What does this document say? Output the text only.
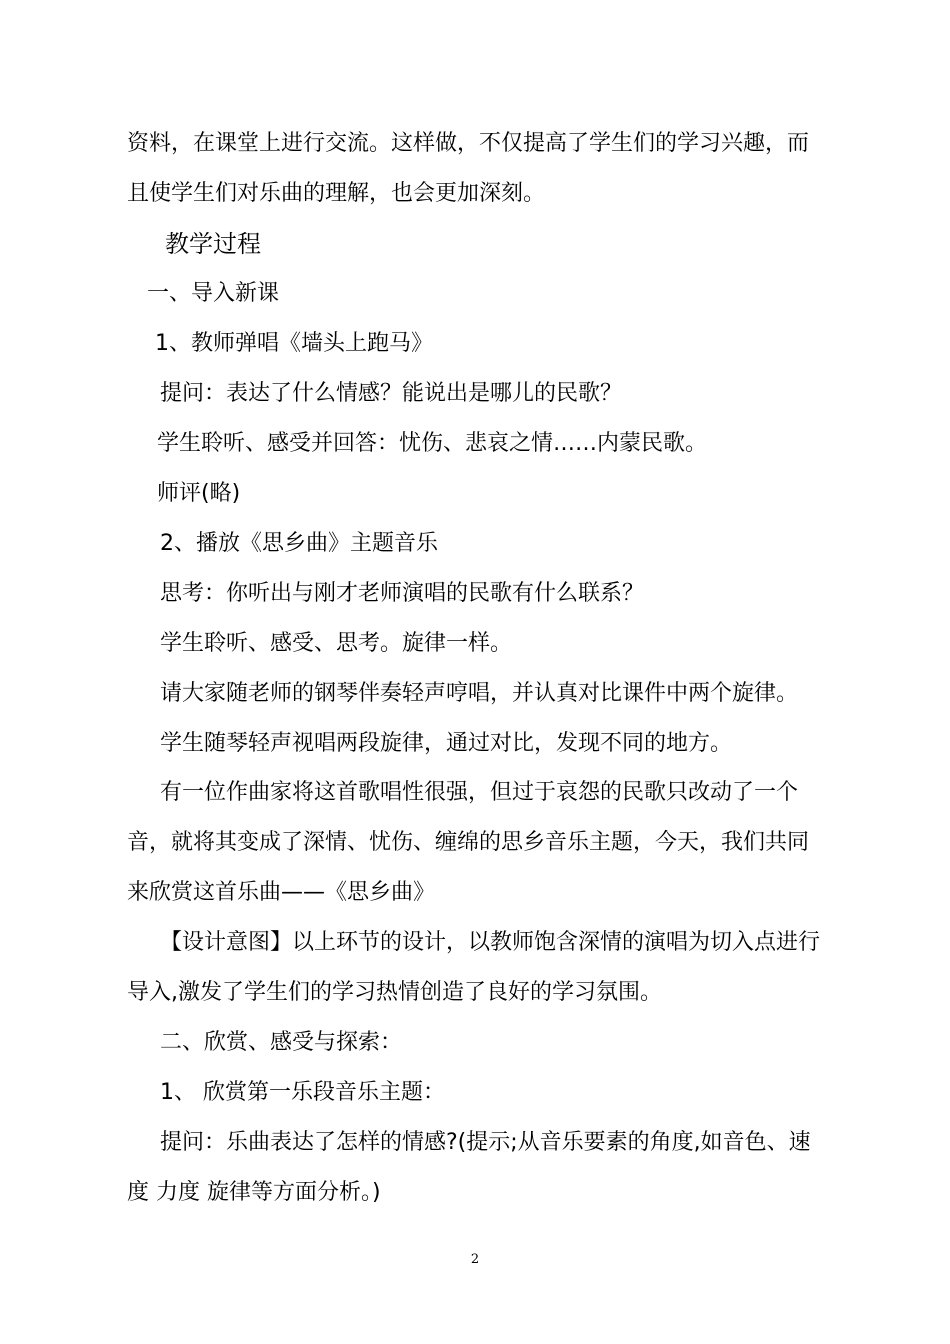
资料，在课堂上进行交流。这样做，不仅提高了学生们的学习兴趣，而
且使学生们对乐曲的理解，也会更加深刻。
教学过程
一、导入新课
1、教师弹唱《墙头上跑马》
提问：表达了什么情感？能说出是哪儿的民歌？
学生聆听、感受并回答：忧伤、悲哀之情……内蒙民歌。
师评(略)
2、播放《思乡曲》主题音乐
思考：你听出与刚才老师演唱的民歌有什么联系？
学生聆听、感受、思考。旋律一样。
请大家随老师的钢琴伴奏轻声哼唱，并认真对比课件中两个旋律。
学生随琴轻声视唱两段旋律，通过对比，发现不同的地方。
有一位作曲家将这首歌唱性很强，但过于哀怨的民歌只改动了一个
音，就将其变成了深情、忧伤、缠绵的思乡音乐主题，今天，我们共同
来欣赏这首乐曲——《思乡曲》
【设计意图】以上环节的设计，以教师饱含深情的演唱为切入点进行
导入,激发了学生们的学习热情创造了良好的学习氛围。
二、欣赏、感受与探索：
1、 欣赏第一乐段音乐主题：
提问：乐曲表达了怎样的情感?(提示;从音乐要素的角度,如音色、速
度 力度 旋律等方面分析。)
2
